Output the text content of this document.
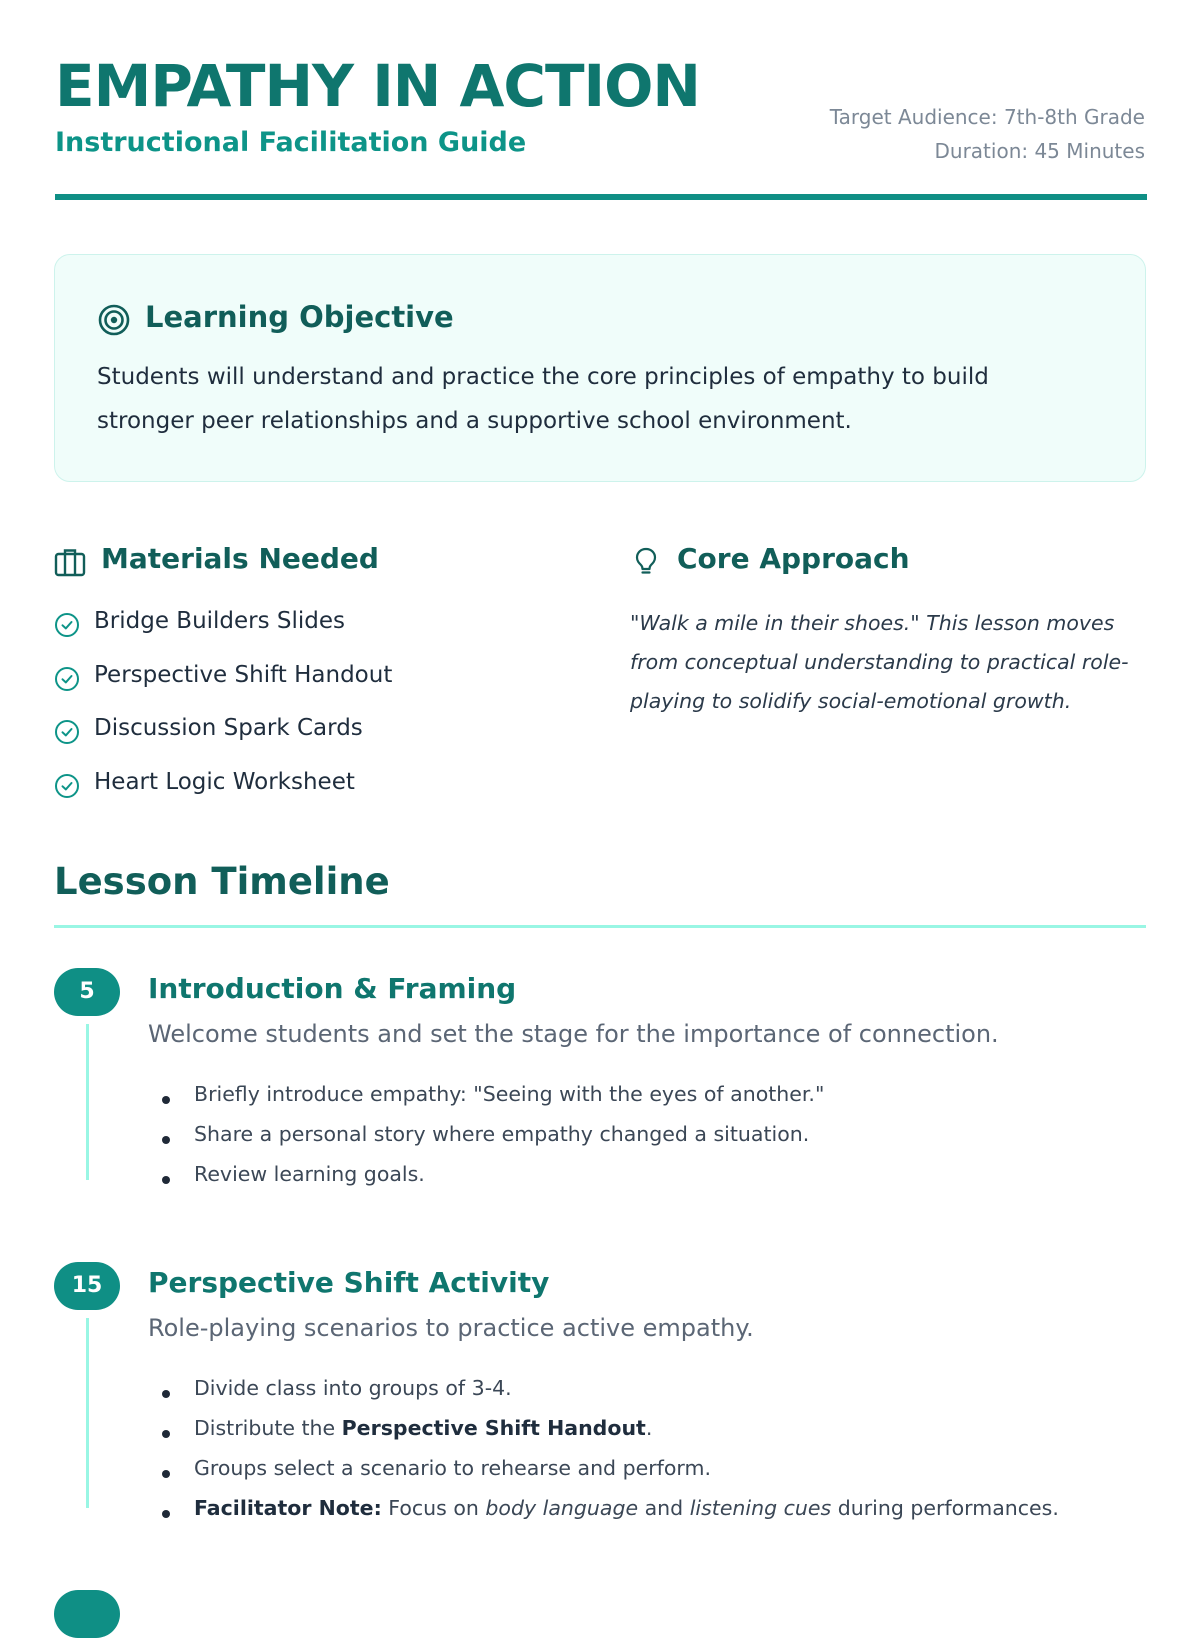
EMPATHY IN ACTION
Instructional Facilitation Guide
Target Audience: 7th-8th Grade
Duration: 45 Minutes
Learning Objective
Students will understand and practice the core principles of empathy to build stronger peer relationships and a supportive school environment.
Materials Needed
Bridge Builders Slides
Perspective Shift Handout
Discussion Spark Cards
Heart Logic Worksheet
Core Approach
"Walk a mile in their shoes." This lesson moves from conceptual understanding to practical role-playing to solidify social-emotional growth.
Lesson Timeline
5	Introduction & Framing
Welcome students and set the stage for the importance of connection.
Briefly introduce empathy: "Seeing with the eyes of another."
Share a personal story where empathy changed a situation.
Review learning goals.
15	Perspective Shift Activity
Role-playing scenarios to practice active empathy.
Divide class into groups of 3-4.
Distribute the Perspective Shift Handout.
Groups select a scenario to rehearse and perform.
Facilitator Note: Focus on body language and listening cues during performances.
